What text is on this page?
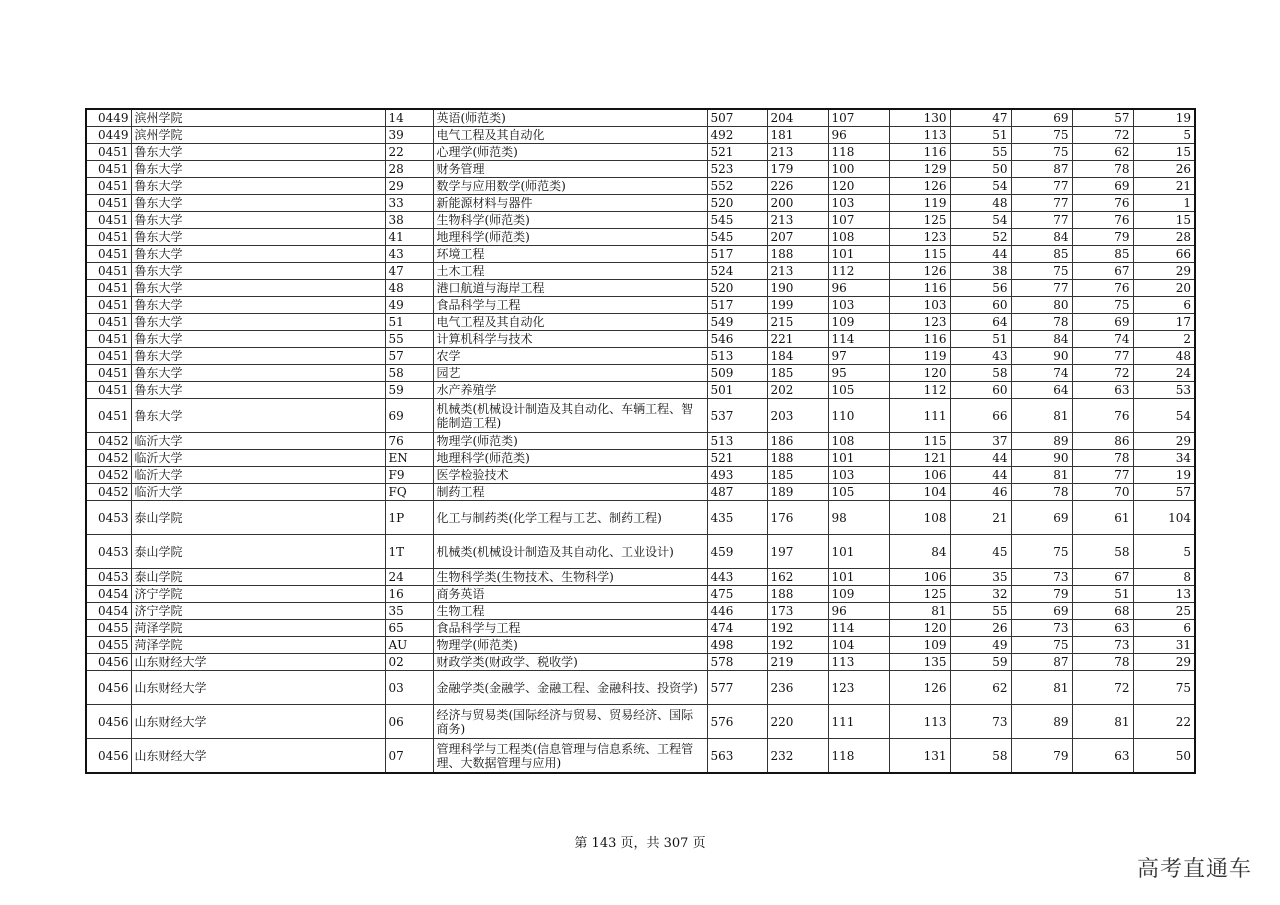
0449	滨州学院	14	英语(师范类)	507	204	107	130	47	69	57	19
0449	滨州学院	39	电气工程及其自动化	492	181	96	113	51	75	72	5
0451	鲁东大学	22	心理学(师范类)	521	213	118	116	55	75	62	15
0451	鲁东大学	28	财务管理	523	179	100	129	50	87	78	26
0451	鲁东大学	29	数学与应用数学(师范类)	552	226	120	126	54	77	69	21
0451	鲁东大学	33	新能源材料与器件	520	200	103	119	48	77	76	1
0451	鲁东大学	38	生物科学(师范类)	545	213	107	125	54	77	76	15
0451	鲁东大学	41	地理科学(师范类)	545	207	108	123	52	84	79	28
0451	鲁东大学	43	环境工程	517	188	101	115	44	85	85	66
0451	鲁东大学	47	土木工程	524	213	112	126	38	75	67	29
0451	鲁东大学	48	港口航道与海岸工程	520	190	96	116	56	77	76	20
0451	鲁东大学	49	食品科学与工程	517	199	103	103	60	80	75	6
0451	鲁东大学	51	电气工程及其自动化	549	215	109	123	64	78	69	17
0451	鲁东大学	55	计算机科学与技术	546	221	114	116	51	84	74	2
0451	鲁东大学	57	农学	513	184	97	119	43	90	77	48
0451	鲁东大学	58	园艺	509	185	95	120	58	74	72	24
0451	鲁东大学	59	水产养殖学	501	202	105	112	60	64	63	53
0451	鲁东大学	69	机械类(机械设计制造及其自动化、车辆工程、智能制造工程)	537	203	110	111	66	81	76	54
0452	临沂大学	76	物理学(师范类)	513	186	108	115	37	89	86	29
0452	临沂大学	EN	地理科学(师范类)	521	188	101	121	44	90	78	34
0452	临沂大学	F9	医学检验技术	493	185	103	106	44	81	77	19
0452	临沂大学	FQ	制药工程	487	189	105	104	46	78	70	57
0453	泰山学院	1P	化工与制药类(化学工程与工艺、制药工程)	435	176	98	108	21	69	61	104
0453	泰山学院	1T	机械类(机械设计制造及其自动化、工业设计)	459	197	101	84	45	75	58	5
0453	泰山学院	24	生物科学类(生物技术、生物科学)	443	162	101	106	35	73	67	8
0454	济宁学院	16	商务英语	475	188	109	125	32	79	51	13
0454	济宁学院	35	生物工程	446	173	96	81	55	69	68	25
0455	菏泽学院	65	食品科学与工程	474	192	114	120	26	73	63	6
0455	菏泽学院	AU	物理学(师范类)	498	192	104	109	49	75	73	31
0456	山东财经大学	02	财政学类(财政学、税收学)	578	219	113	135	59	87	78	29
0456	山东财经大学	03	金融学类(金融学、金融工程、金融科技、投资学)	577	236	123	126	62	81	72	75
0456	山东财经大学	06	经济与贸易类(国际经济与贸易、贸易经济、国际商务)	576	220	111	113	73	89	81	22
0456	山东财经大学	07	管理科学与工程类(信息管理与信息系统、工程管理、大数据管理与应用)	563	232	118	131	58	79	63	50
第 143 页，共 307 页
高考直通车
